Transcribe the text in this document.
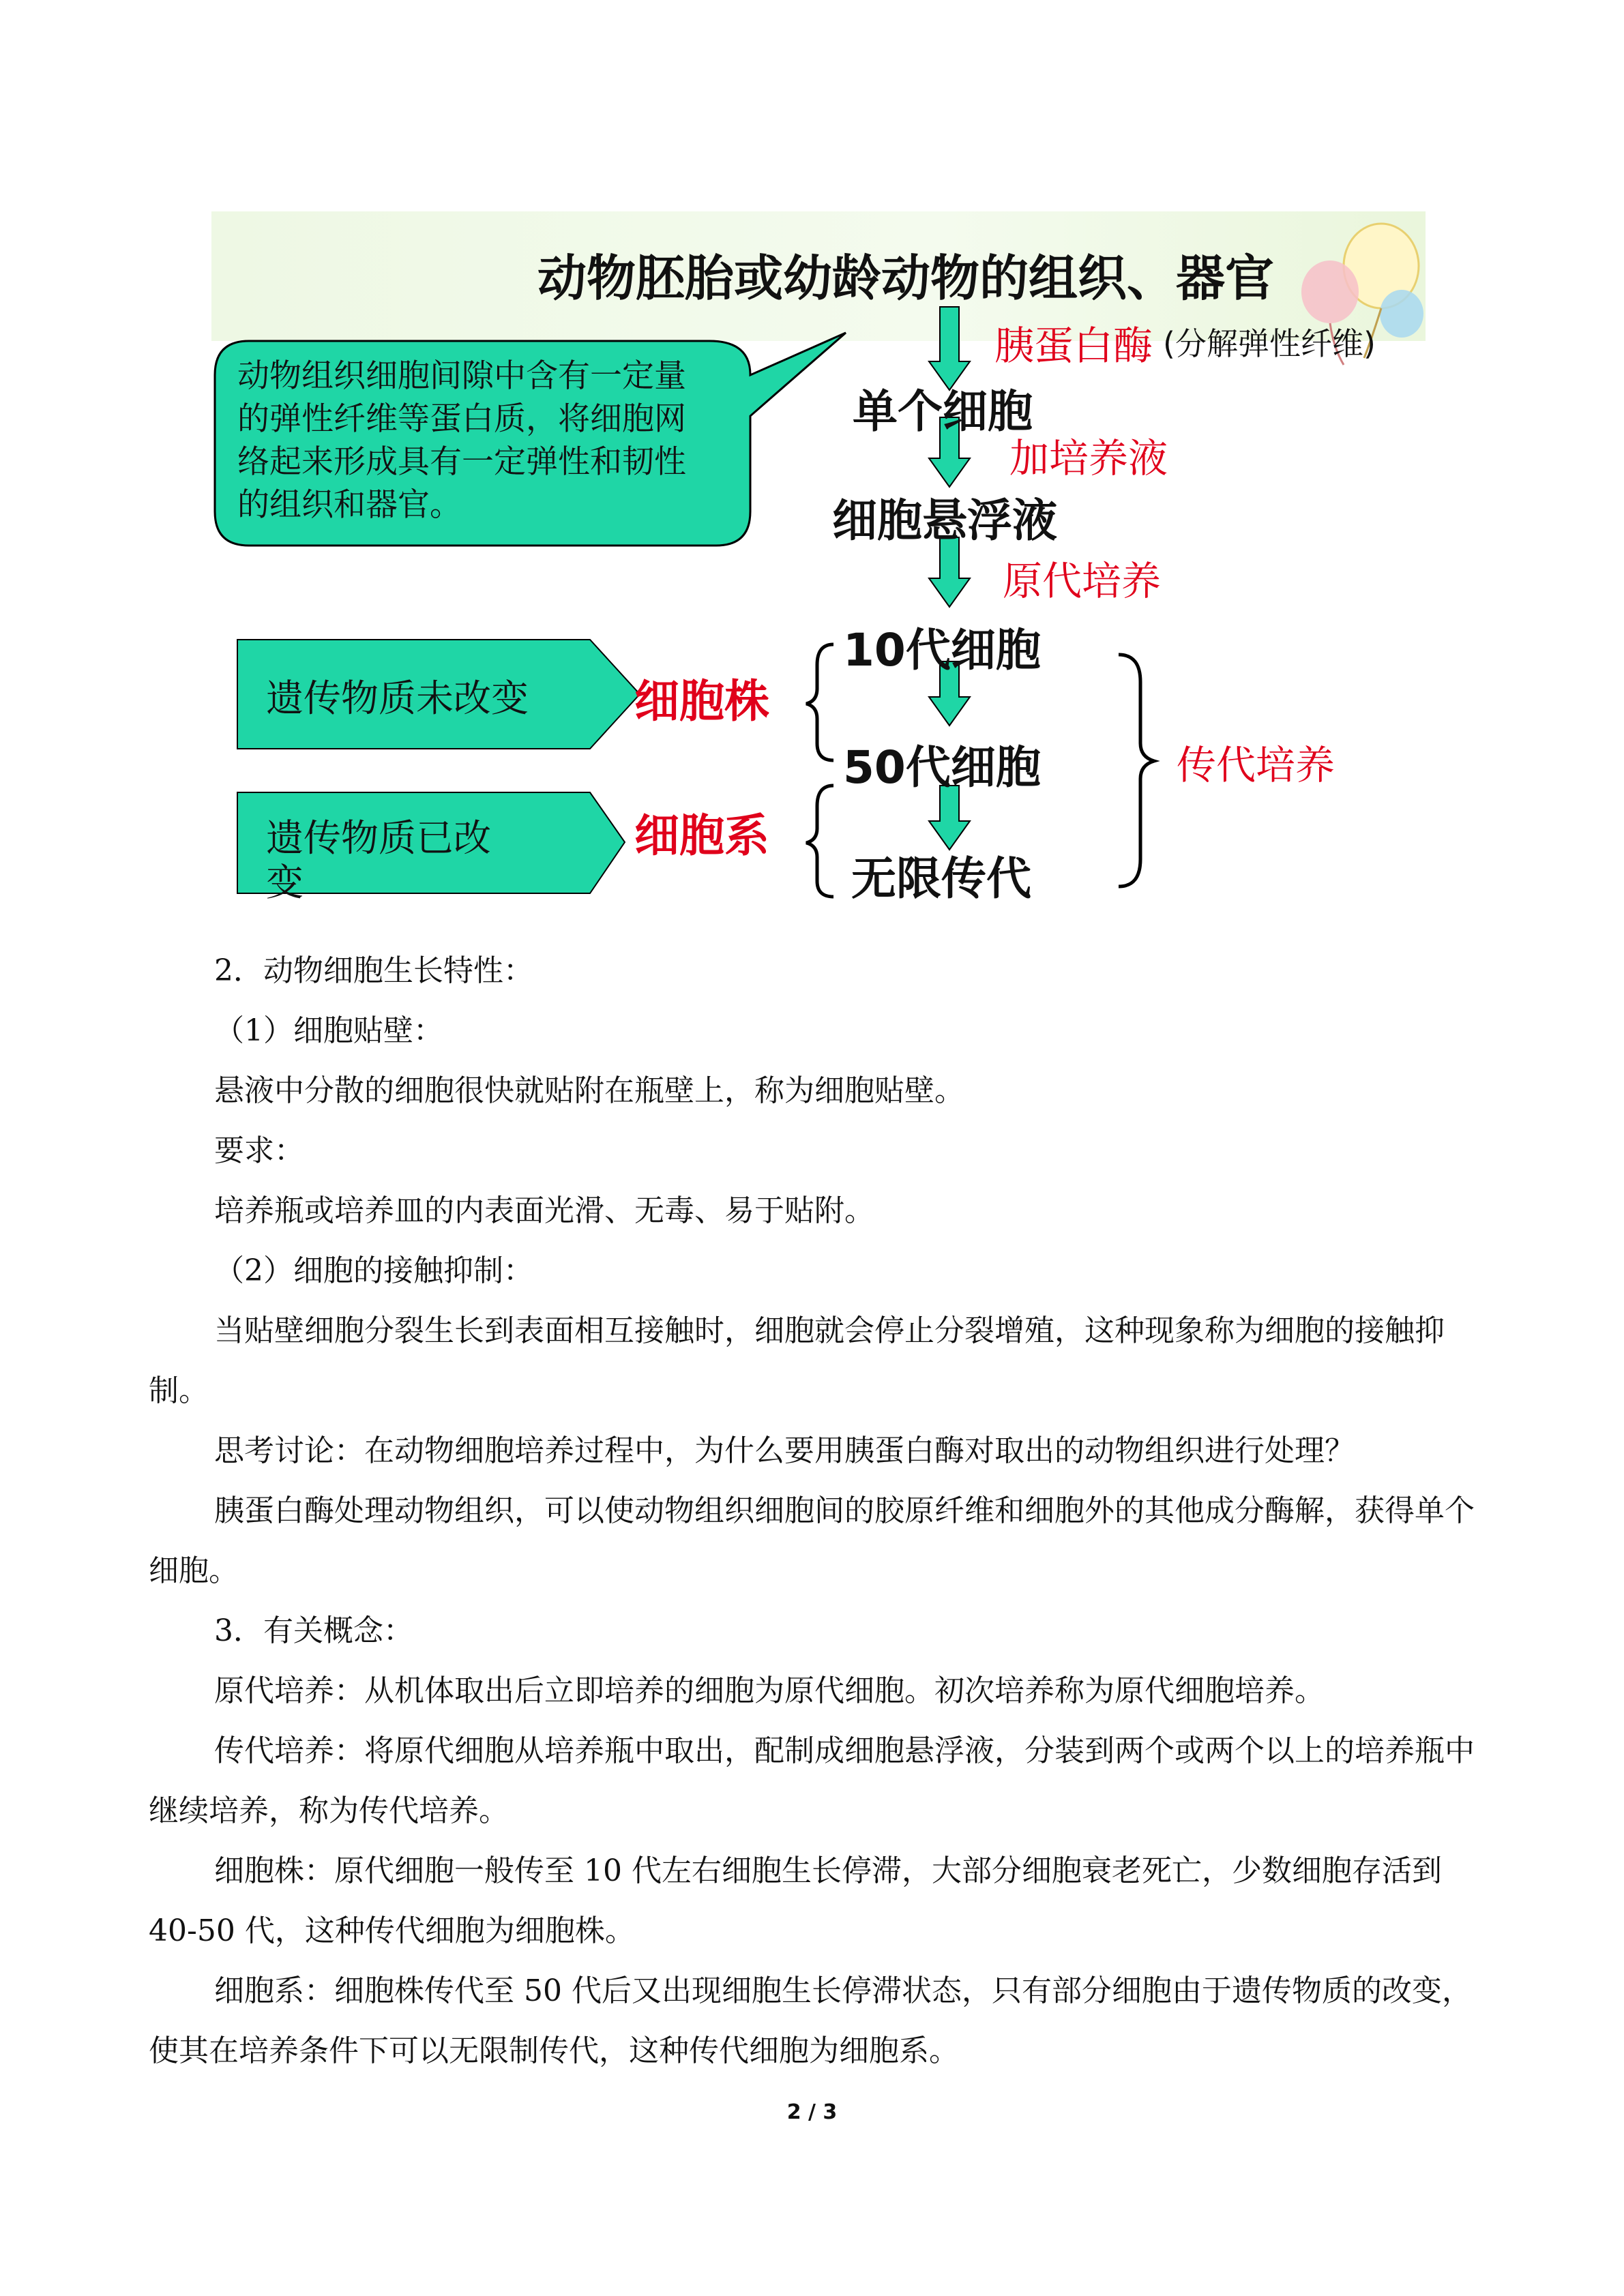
动物胚胎或幼龄动物的组织、器官
胰蛋白酶 (分解弹性纤维)
单个细胞
加培养液
细胞悬浮液
原代培养
10代细胞
50代细胞
无限传代
传代培养
细胞株
细胞系
遗传物质未改变
遗传物质已改
变
动物组织细胞间隙中含有一定量
的弹性纤维等蛋白质，将细胞网
络起来形成具有一定弹性和韧性
的组织和器官。
2．动物细胞生长特性：
（1）细胞贴壁：
悬液中分散的细胞很快就贴附在瓶壁上，称为细胞贴壁。
要求：
培养瓶或培养皿的内表面光滑、无毒、易于贴附。
（2）细胞的接触抑制：
当贴壁细胞分裂生长到表面相互接触时，细胞就会停止分裂增殖，这种现象称为细胞的接触抑制。
思考讨论：在动物细胞培养过程中，为什么要用胰蛋白酶对取出的动物组织进行处理？
胰蛋白酶处理动物组织，可以使动物组织细胞间的胶原纤维和细胞外的其他成分酶解，获得单个细胞。
3．有关概念：
原代培养：从机体取出后立即培养的细胞为原代细胞。初次培养称为原代细胞培养。
传代培养：将原代细胞从培养瓶中取出，配制成细胞悬浮液，分装到两个或两个以上的培养瓶中继续培养，称为传代培养。
细胞株：原代细胞一般传至 10 代左右细胞生长停滞，大部分细胞衰老死亡，少数细胞存活到 40-50 代，这种传代细胞为细胞株。
细胞系：细胞株传代至 50 代后又出现细胞生长停滞状态，只有部分细胞由于遗传物质的改变，使其在培养条件下可以无限制传代，这种传代细胞为细胞系。
2 / 3
